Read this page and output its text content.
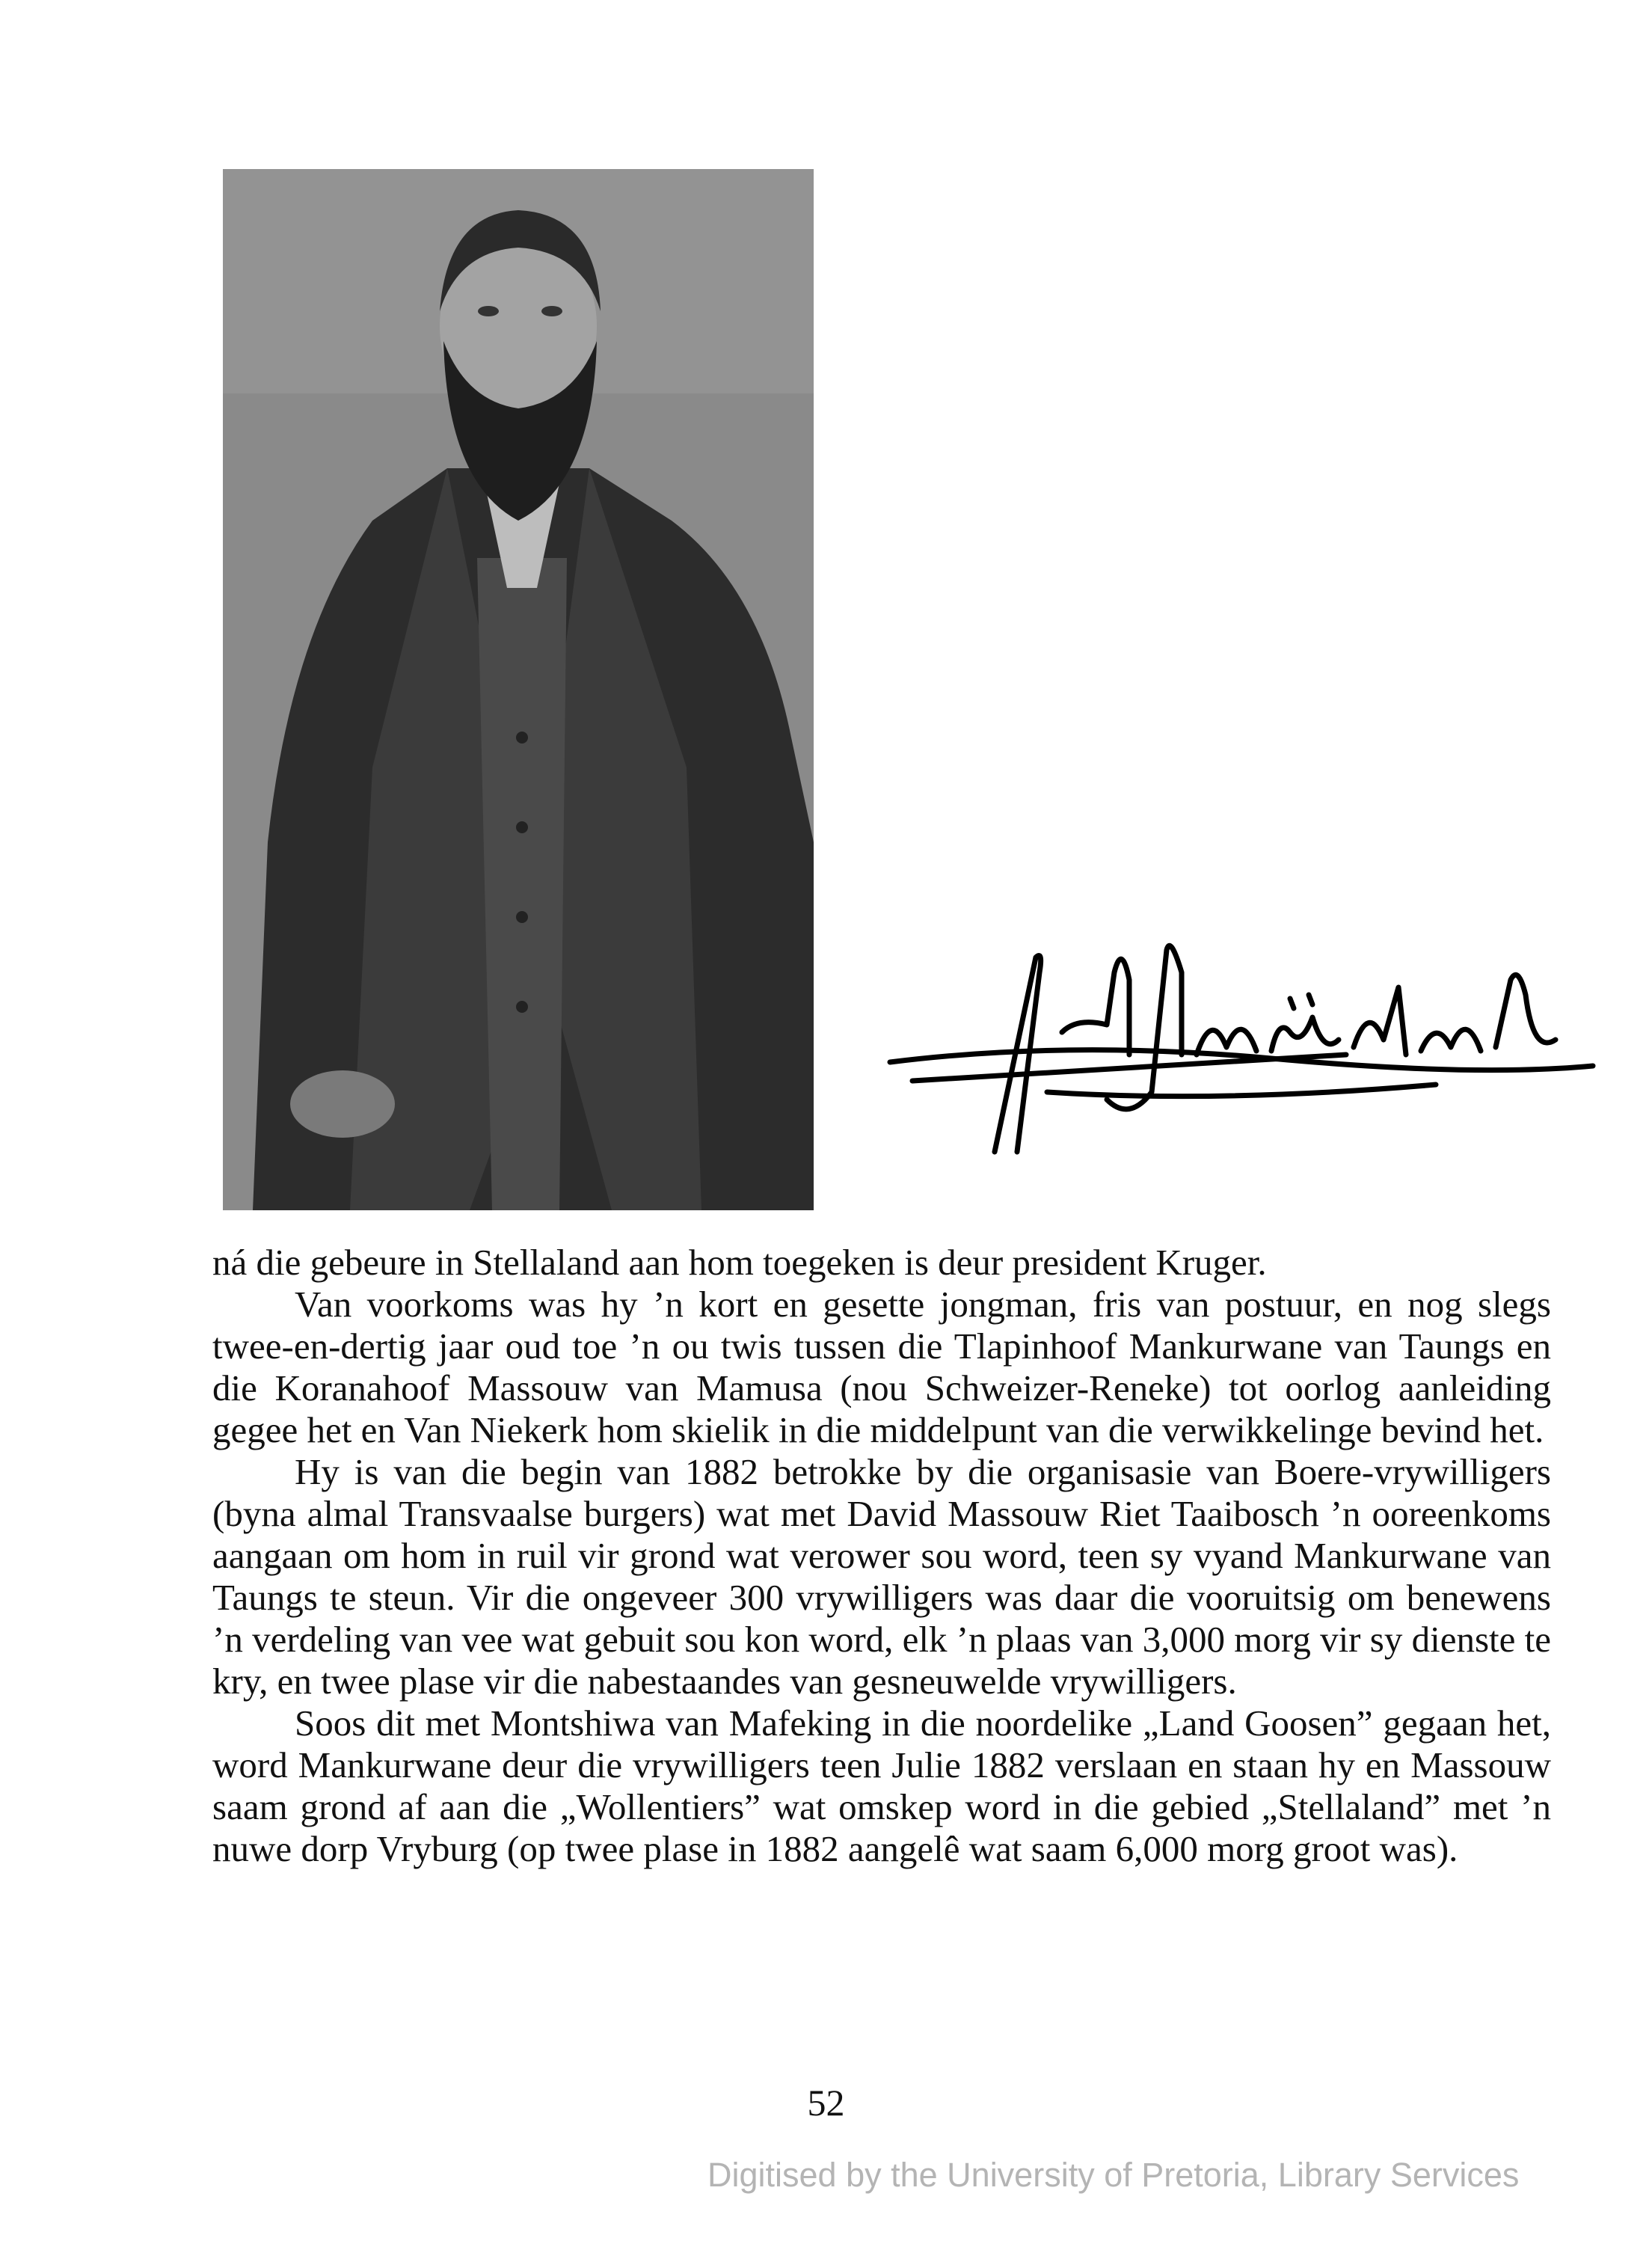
ná die gebeure in Stellaland aan hom toegeken is deur president Kruger.

Van voorkoms was hy ’n kort en gesette jongman, fris van postuur, en nog slegs twee-en-dertig jaar oud toe ’n ou twis tussen die Tlapinhoof Mankurwane van Taungs en die Koranahoof Massouw van Mamusa (nou Schweizer-Reneke) tot oorlog aanleiding gegee het en Van Niekerk hom skielik in die middelpunt van die verwikkelinge bevind het.

Hy is van die begin van 1882 betrokke by die organisasie van Boere-vrywilligers (byna almal Transvaalse burgers) wat met David Massouw Riet Taaibosch ’n ooreenkoms aangaan om hom in ruil vir grond wat verower sou word, teen sy vyand Mankurwane van Taungs te steun. Vir die ongeveer 300 vrywilligers was daar die vooruitsig om benewens ’n verdeling van vee wat gebuit sou kon word, elk ’n plaas van 3,000 morg vir sy dienste te kry, en twee plase vir die nabestaandes van gesneuwelde vrywilligers.

Soos dit met Montshiwa van Mafeking in die noordelike „Land Goosen” gegaan het, word Mankurwane deur die vrywilligers teen Julie 1882 verslaan en staan hy en Massouw saam grond af aan die „Wollentiers” wat omskep word in die gebied „Stellaland” met ’n nuwe dorp Vryburg (op twee plase in 1882 aangelê wat saam 6,000 morg groot was).

52
Digitised by the University of Pretoria, Library Services
